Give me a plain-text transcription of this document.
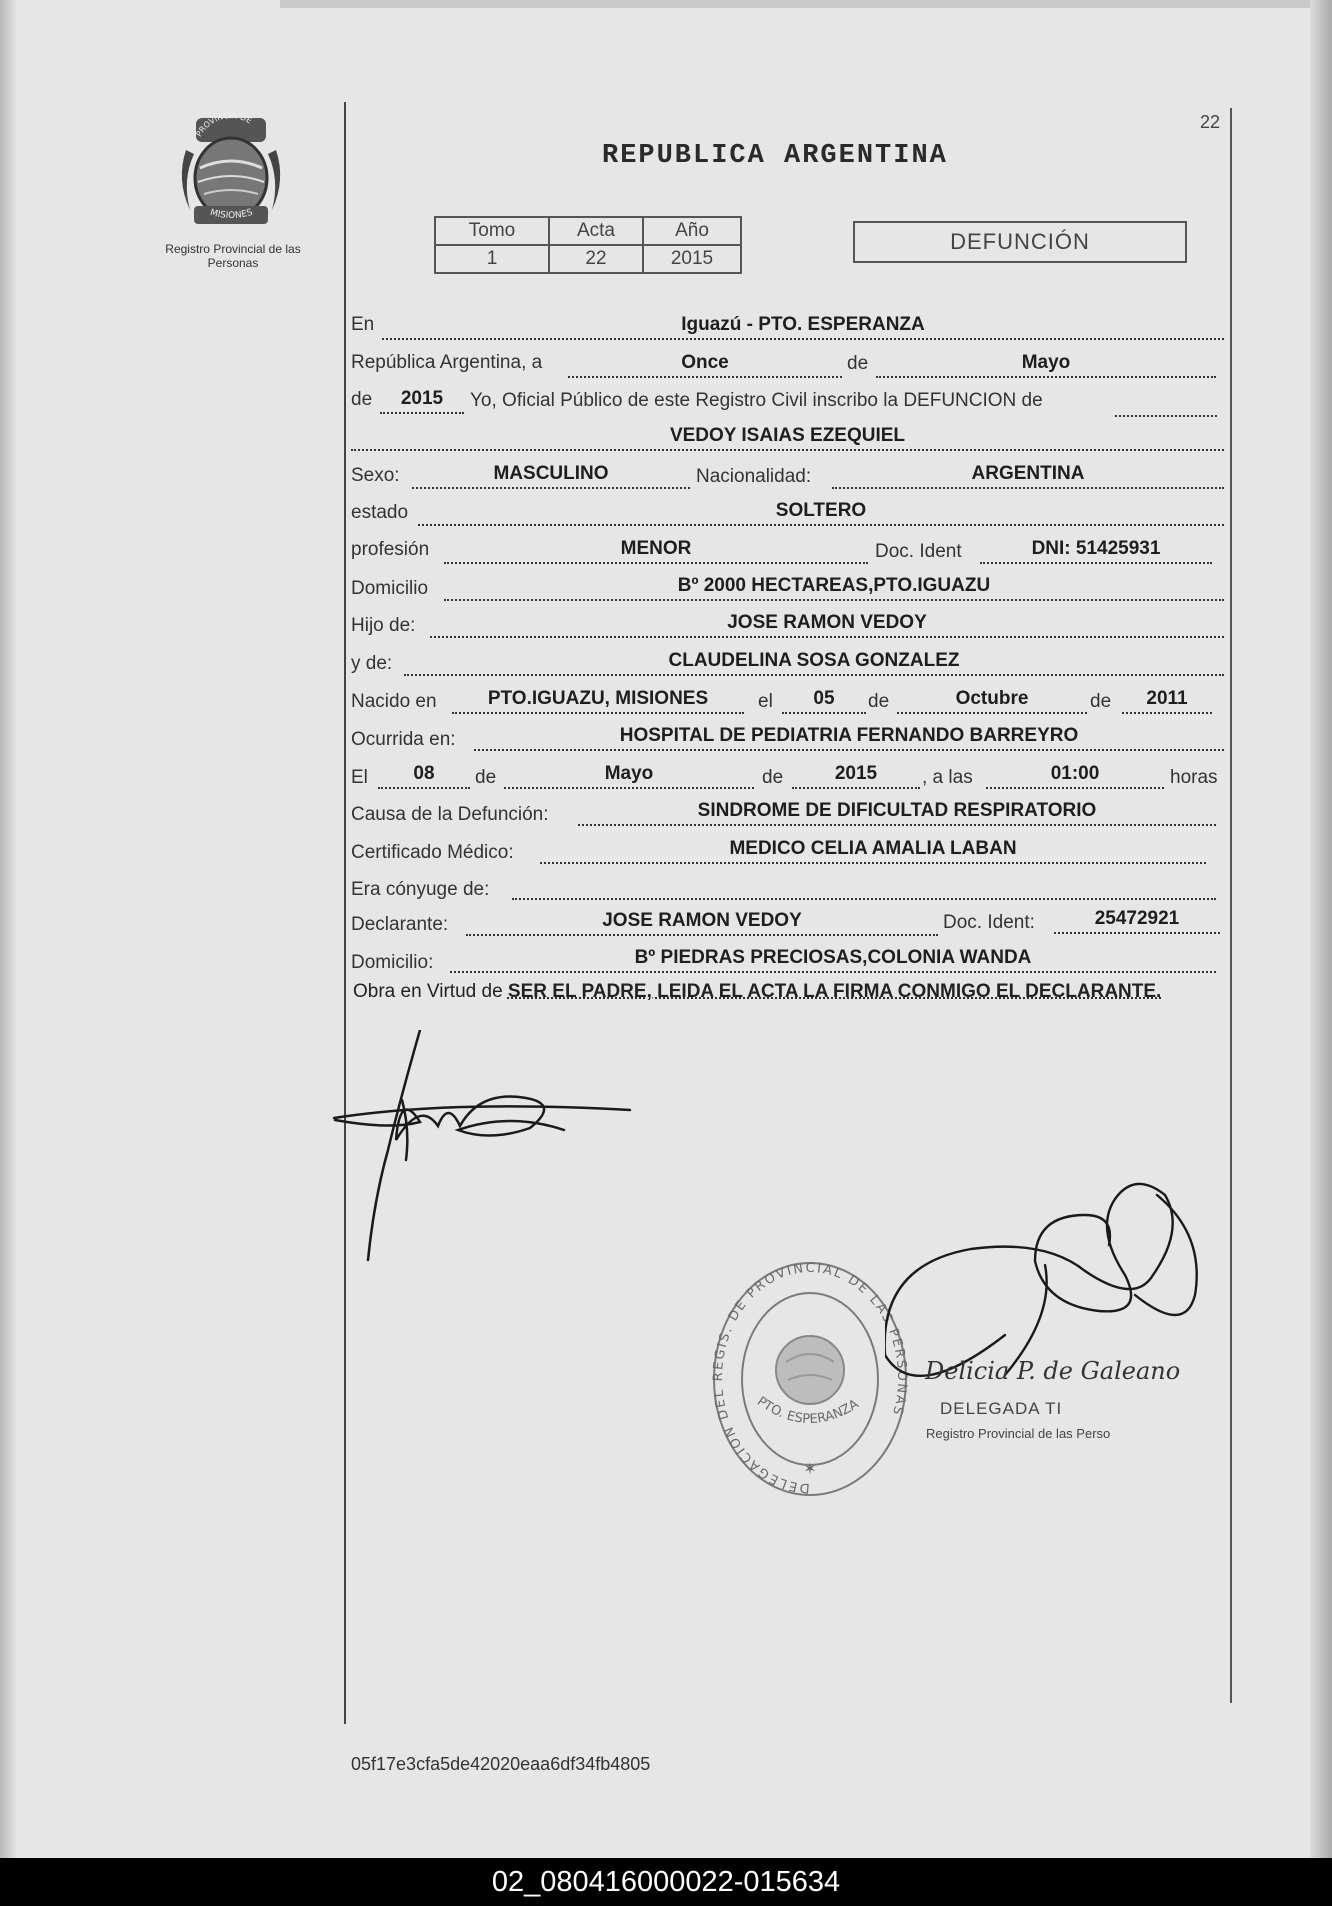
PROVINCIA DE
MISIONES
Registro Provincial de las Personas
22
REPUBLICA ARGENTINA
Tomo	Acta	Año
1	22	2015
DEFUNCIÓN
En	Iguazú - PTO. ESPERANZA
República Argentina, a	Once	de	Mayo
de	2015	Yo, Oficial Público de este Registro Civil inscribo la DEFUNCION de
VEDOY ISAIAS EZEQUIEL
Sexo:	MASCULINO	Nacionalidad:	ARGENTINA
estado	SOLTERO
profesión	MENOR	Doc. Ident	DNI: 51425931
Domicilio	Bº 2000 HECTAREAS,PTO.IGUAZU
Hijo de:	JOSE RAMON VEDOY
y de:	CLAUDELINA SOSA GONZALEZ
Nacido en	PTO.IGUAZU, MISIONES	el	05	de	Octubre	de	2011
Ocurrida en:	HOSPITAL DE PEDIATRIA FERNANDO BARREYRO
El	08	de	Mayo	de	2015	, a las	01:00	horas
Causa de la Defunción:	SINDROME DE DIFICULTAD RESPIRATORIO
Certificado Médico:	MEDICO CELIA AMALIA LABAN
Era cónyuge de:
Declarante:	JOSE RAMON VEDOY	Doc. Ident:	25472921
Domicilio:	Bº PIEDRAS PRECIOSAS,COLONIA WANDA
Obra en Virtud de SER EL PADRE, LEIDA EL ACTA LA FIRMA CONMIGO EL DECLARANTE.
DELEGACION DEL REGIS. DE PROVINCIAL DE LAS PERSONAS
PTO. ESPERANZA
✶
Delicia P. de Galeano
DELEGADA TI
Registro Provincial de las Perso
05f17e3cfa5de42020eaa6df34fb4805
02_080416000022-015634
